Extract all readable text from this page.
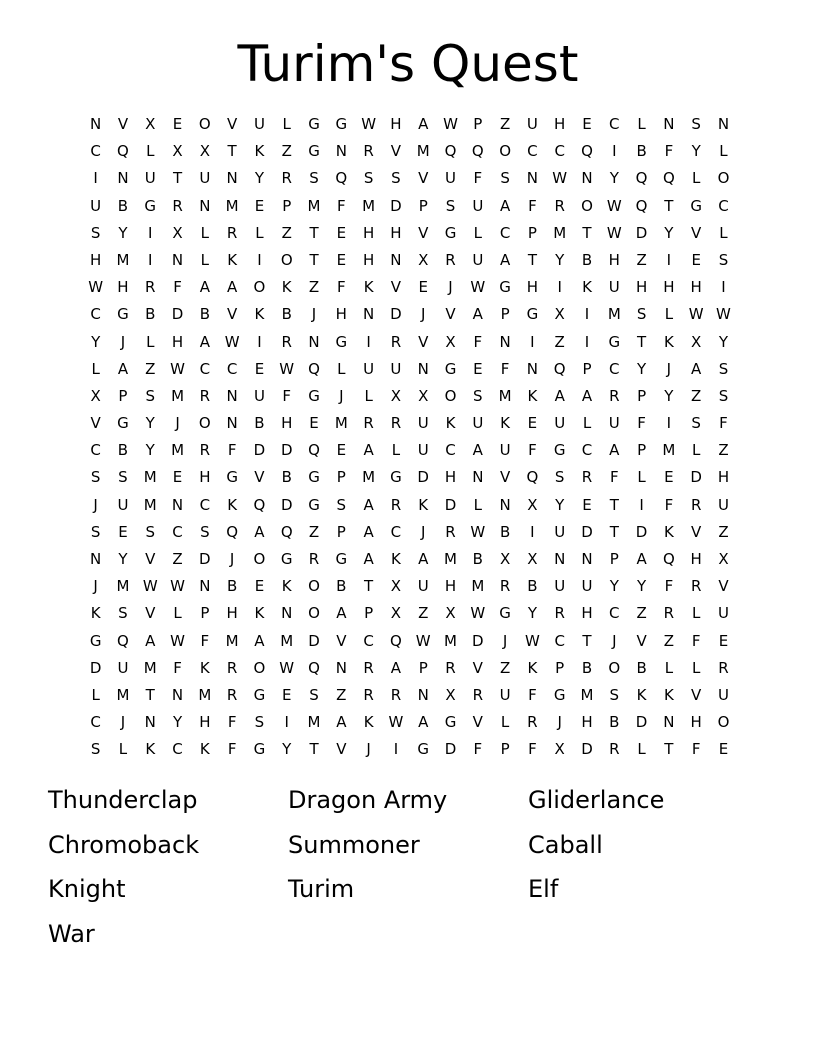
Turim's Quest
N	V	X	E	O	V	U	L	G	G W H	A W	P	Z	U	H	E	C	L	N	S	N
C	Q	L	X	X	T	K	Z	G	N	R	V	M Q	Q	O	C	C	Q	I	B	F	Y	L
I	N	U	T	U	N	Y	R	S	Q	S	S	V	U	F	S	N W N	Y	Q	Q	L	O
U	B	G	R	N	M	E	P	M	F	M	D	P	S	U	A	F	R	O W Q	T	G	C
S	Y	I	X	L	R	L	Z	T	E	H	H	V	G	L	C	P	M	T	W D	Y	V	L
H	M	I	N	L	K	I	O	T	E	H	N	X	R	U	A	T	Y	B	H	Z	I	E	S
W H	R	F	A	A	O	K	Z	F	K	V	E	J	W G	H	I	K	U	H	H	H	I
C	G	B	D	B	V	K	B	J	H	N	D	J	V	A	P	G	X	I	M	S	L	W W
Y	J	L	H	A W	I	R	N	G	I	R	V	X	F	N	I	Z	I	G	T	K	X	Y
L	A	Z W C	C	E	W Q	L	U	U	N	G	E	F	N	Q	P	C	Y	J	A	S
X	P	S	M	R	N	U	F	G	J	L	X	X	O	S	M	K	A	A	R	P	Y	Z	S
V	G	Y	J	O	N	B	H	E	M	R	R	U	K	U	K	E	U	L	U	F	I	S	F
C	B	Y	M	R	F	D	D	Q	E	A	L	U	C	A	U	F	G	C	A	P	M	L	Z
S	S	M	E	H	G	V	B	G	P	M	G	D	H	N	V	Q	S	R	F	L	E	D	H
J	U	M	N	C	K	Q	D	G	S	A	R	K	D	L	N	X	Y	E	T	I	F	R	U
S	E	S	C	S	Q	A	Q	Z	P	A	C	J	R W B	I	U	D	T	D	K	V	Z
N	Y	V	Z	D	J	O	G	R	G	A	K	A	M	B	X	X	N	N	P	A	Q	H	X
J	M W W N	B	E	K	O	B	T	X	U	H	M	R	B	U	U	Y	Y	F	R	V
K	S	V	L	P	H	K	N	O	A	P	X	Z	X W G	Y	R	H	C	Z	R	L	U
G	Q	A W	F	M	A	M	D	V	C	Q W M	D	J	W C	T	J	V	Z	F	E
D	U	M	F	K	R	O W Q	N	R	A	P	R	V	Z	K	P	B	O	B	L	L	R
L	M	T	N	M	R	G	E	S	Z	R	R	N	X	R	U	F	G	M	S	K	K	V	U
C	J	N	Y	H	F	S	I	M	A	K W A	G	V	L	R	J	H	B	D	N	H	O
S	L	K	C	K	F	G	Y	T	V	J	I	G	D	F	P	F	X	D	R	L	T	F	E
Thunderclap	Dragon Army	Gliderlance
Chromoback	Summoner	Caball
Knight	Turim	Elf
War
